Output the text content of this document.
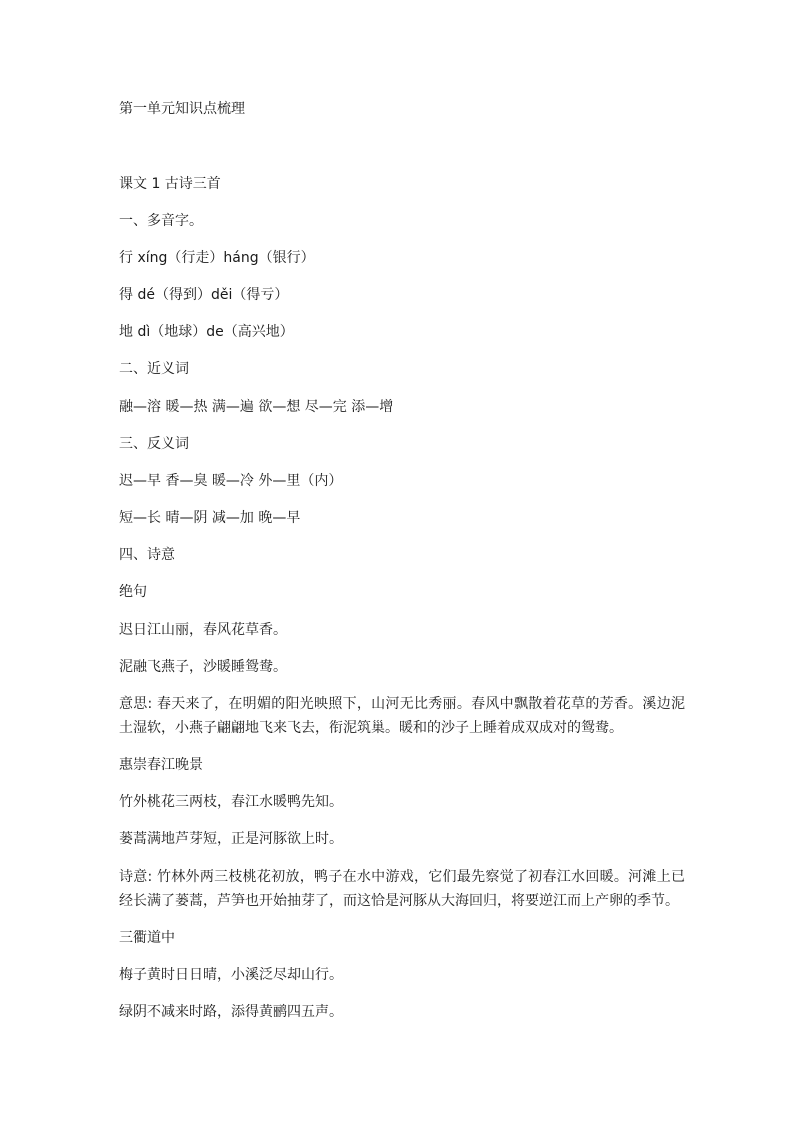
第一单元知识点梳理
课文 1 古诗三首
一、多音字。
行 xíng（行走）háng（银行）
得 dé（得到）děi（得亏）
地 dì（地球）de（高兴地）
二、近义词
融—溶 暖—热 满—遍 欲—想 尽—完 添—增
三、反义词
迟—早 香—臭 暖—冷 外—里（内）
短—长 晴—阴 减—加 晚—早
四、诗意
绝句
迟日江山丽，春风花草香。
泥融飞燕子，沙暖睡鸳鸯。
意思: 春天来了，在明媚的阳光映照下，山河无比秀丽。春风中飘散着花草的芳香。溪边泥土湿软，小燕子翩翩地飞来飞去，衔泥筑巢。暖和的沙子上睡着成双成对的鸳鸯。
惠崇春江晚景
竹外桃花三两枝，春江水暖鸭先知。
蒌蒿满地芦芽短，正是河豚欲上时。
诗意: 竹林外两三枝桃花初放，鸭子在水中游戏，它们最先察觉了初春江水回暖。河滩上已经长满了蒌蒿，芦笋也开始抽芽了，而这恰是河豚从大海回归，将要逆江而上产卵的季节。
三衢道中
梅子黄时日日晴，小溪泛尽却山行。
绿阴不减来时路，添得黄鹂四五声。
